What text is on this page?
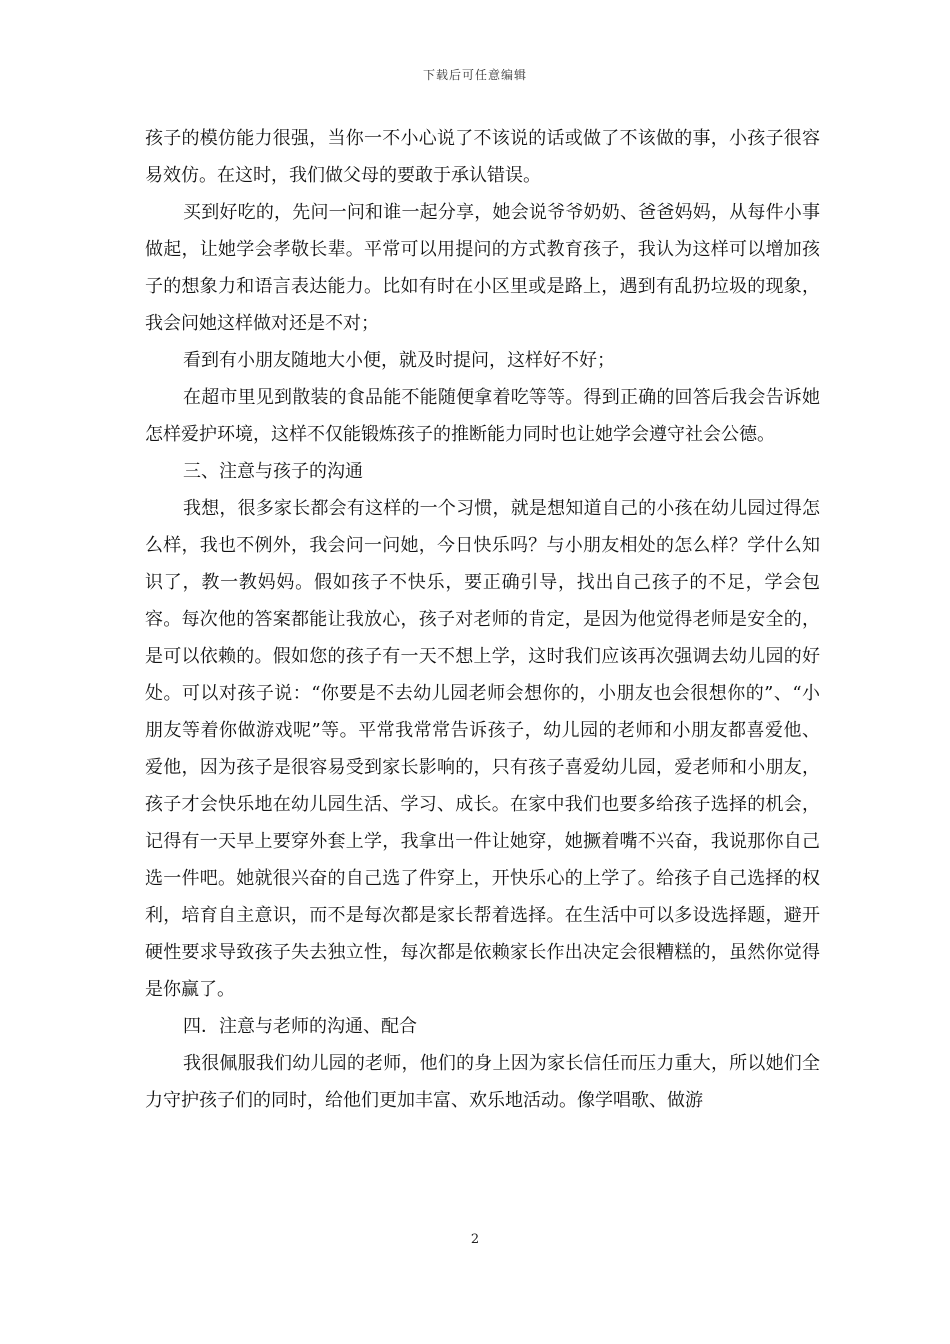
下载后可任意编辑

孩子的模仿能力很强，当你一不小心说了不该说的话或做了不该做的事，小孩子很容易效仿。在这时，我们做父母的要敢于承认错误。

买到好吃的，先问一问和谁一起分享，她会说爷爷奶奶、爸爸妈妈，从每件小事做起，让她学会孝敬长辈。平常可以用提问的方式教育孩子，我认为这样可以增加孩子的想象力和语言表达能力。比如有时在小区里或是路上，遇到有乱扔垃圾的现象，我会问她这样做对还是不对；

看到有小朋友随地大小便，就及时提问，这样好不好；

在超市里见到散装的食品能不能随便拿着吃等等。得到正确的回答后我会告诉她怎样爱护环境，这样不仅能锻炼孩子的推断能力同时也让她学会遵守社会公德。

三、注意与孩子的沟通

我想，很多家长都会有这样的一个习惯，就是想知道自己的小孩在幼儿园过得怎么样，我也不例外，我会问一问她，今日快乐吗？与小朋友相处的怎么样？学什么知识了，教一教妈妈。假如孩子不快乐，要正确引导，找出自己孩子的不足，学会包容。每次他的答案都能让我放心，孩子对老师的肯定，是因为他觉得老师是安全的，是可以依赖的。假如您的孩子有一天不想上学，这时我们应该再次强调去幼儿园的好处。可以对孩子说：“你要是不去幼儿园老师会想你的，小朋友也会很想你的”、“小朋友等着你做游戏呢”等。平常我常常告诉孩子，幼儿园的老师和小朋友都喜爱他、爱他，因为孩子是很容易受到家长影响的，只有孩子喜爱幼儿园，爱老师和小朋友，孩子才会快乐地在幼儿园生活、学习、成长。在家中我们也要多给孩子选择的机会，记得有一天早上要穿外套上学，我拿出一件让她穿，她撅着嘴不兴奋，我说那你自己选一件吧。她就很兴奋的自己选了件穿上，开快乐心的上学了。给孩子自己选择的权利，培育自主意识，而不是每次都是家长帮着选择。在生活中可以多设选择题，避开硬性要求导致孩子失去独立性，每次都是依赖家长作出决定会很糟糕的，虽然你觉得是你赢了。

四．注意与老师的沟通、配合

我很佩服我们幼儿园的老师，他们的身上因为家长信任而压力重大，所以她们全力守护孩子们的同时，给他们更加丰富、欢乐地活动。像学唱歌、做游

2
